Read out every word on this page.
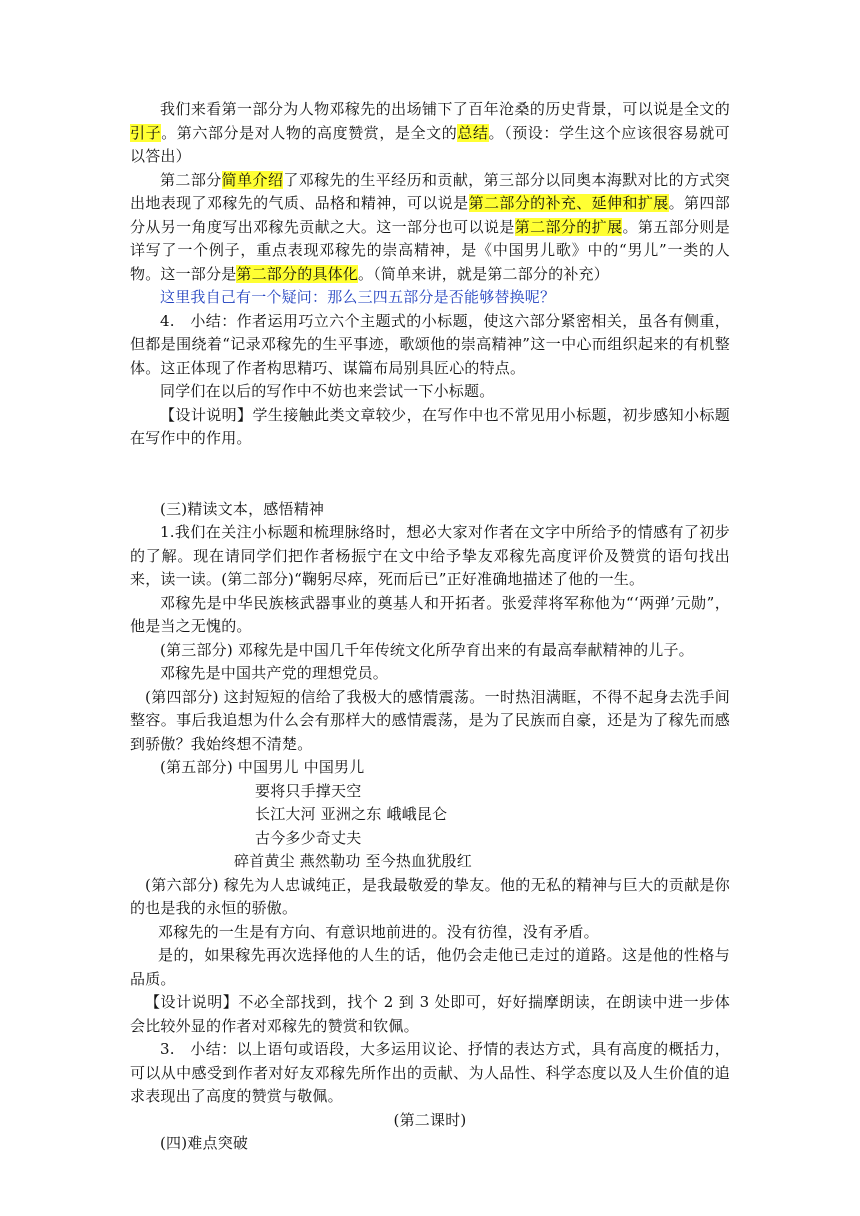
我们来看第一部分为人物邓稼先的出场铺下了百年沧桑的历史背景，可以说是全文的引子。第六部分是对人物的高度赞赏，是全文的总结。（预设：学生这个应该很容易就可以答出）

第二部分简单介绍了邓稼先的生平经历和贡献，第三部分以同奥本海默对比的方式突出地表现了邓稼先的气质、品格和精神，可以说是第二部分的补充、延伸和扩展。第四部分从另一角度写出邓稼先贡献之大。这一部分也可以说是第二部分的扩展。第五部分则是详写了一个例子，重点表现邓稼先的崇高精神，是《中国男儿歌》中的“男儿”一类的人物。这一部分是第二部分的具体化。（简单来讲，就是第二部分的补充）

这里我自己有一个疑问：那么三四五部分是否能够替换呢？

4.　小结：作者运用巧立六个主题式的小标题，使这六部分紧密相关，虽各有侧重，但都是围绕着“记录邓稼先的生平事迹，歌颂他的崇高精神”这一中心而组织起来的有机整体。这正体现了作者构思精巧、谋篇布局别具匠心的特点。

同学们在以后的写作中不妨也来尝试一下小标题。

【设计说明】学生接触此类文章较少，在写作中也不常见用小标题，初步感知小标题在写作中的作用。

(三)精读文本，感悟精神

1.我们在关注小标题和梳理脉络时，想必大家对作者在文字中所给予的情感有了初步的了解。现在请同学们把作者杨振宁在文中给予挚友邓稼先高度评价及赞赏的语句找出来，读一读。(第二部分)“鞠躬尽瘁，死而后已”正好准确地描述了他的一生。

邓稼先是中华民族核武器事业的奠基人和开拓者。张爱萍将军称他为“‘两弹’元勋”，他是当之无愧的。

(第三部分) 邓稼先是中国几千年传统文化所孕育出来的有最高奉献精神的儿子。

邓稼先是中国共产党的理想党员。

(第四部分) 这封短短的信给了我极大的感情震荡。一时热泪满眶，不得不起身去洗手间整容。事后我追想为什么会有那样大的感情震荡，是为了民族而自豪，还是为了稼先而感到骄傲？我始终想不清楚。

(第五部分) 中国男儿 中国男儿

要将只手撑天空

长江大河 亚洲之东 峨峨昆仑

古今多少奇丈夫

碎首黄尘 燕然勒功 至今热血犹殷红

(第六部分) 稼先为人忠诚纯正，是我最敬爱的挚友。他的无私的精神与巨大的贡献是你的也是我的永恒的骄傲。

邓稼先的一生是有方向、有意识地前进的。没有彷徨，没有矛盾。

是的，如果稼先再次选择他的人生的话，他仍会走他已走过的道路。这是他的性格与品质。

【设计说明】不必全部找到，找个 2 到 3 处即可，好好揣摩朗读，在朗读中进一步体会比较外显的作者对邓稼先的赞赏和钦佩。

3.　小结：以上语句或语段，大多运用议论、抒情的表达方式，具有高度的概括力，可以从中感受到作者对好友邓稼先所作出的贡献、为人品性、科学态度以及人生价值的追求表现出了高度的赞赏与敬佩。

(第二课时)

(四)难点突破
